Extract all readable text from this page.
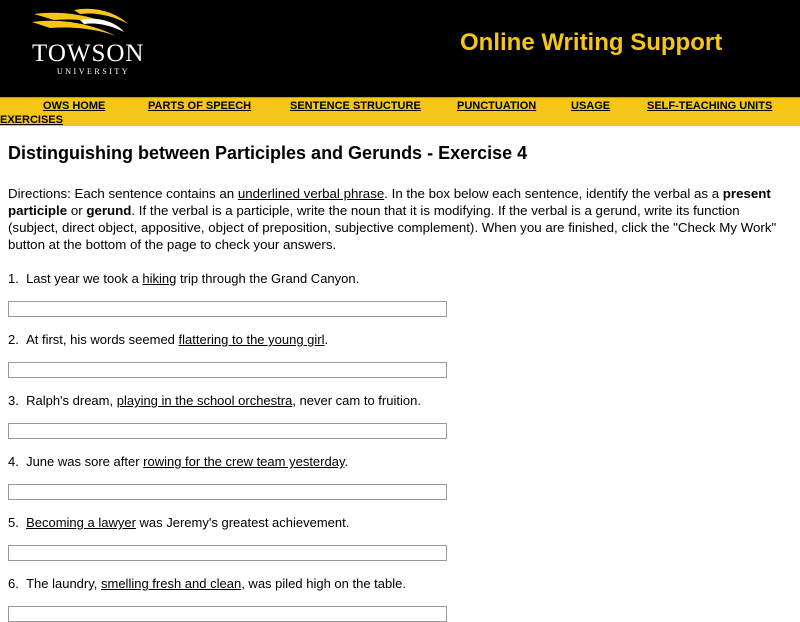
TOWSON
UNIVERSITY
Online Writing Support
OWS HOME	PARTS OF SPEECH	SENTENCE STRUCTURE	PUNCTUATION	USAGE	SELF-TEACHING UNITS
EXERCISES
Distinguishing between Participles and Gerunds - Exercise 4

Directions: Each sentence contains an underlined verbal phrase. In the box below each sentence, identify the verbal as a present participle or gerund. If the verbal is a participle, write the noun that it is modifying. If the verbal is a gerund, write its function (subject, direct object, appositive, object of preposition, subjective complement). When you are finished, click the "Check My Work" button at the bottom of the page to check your answers.

1. Last year we took a hiking trip through the Grand Canyon.

2. At first, his words seemed flattering to the young girl.

3. Ralph's dream, playing in the school orchestra, never cam to fruition.

4. June was sore after rowing for the crew team yesterday.

5. Becoming a lawyer was Jeremy's greatest achievement.

6. The laundry, smelling fresh and clean, was piled high on the table.
